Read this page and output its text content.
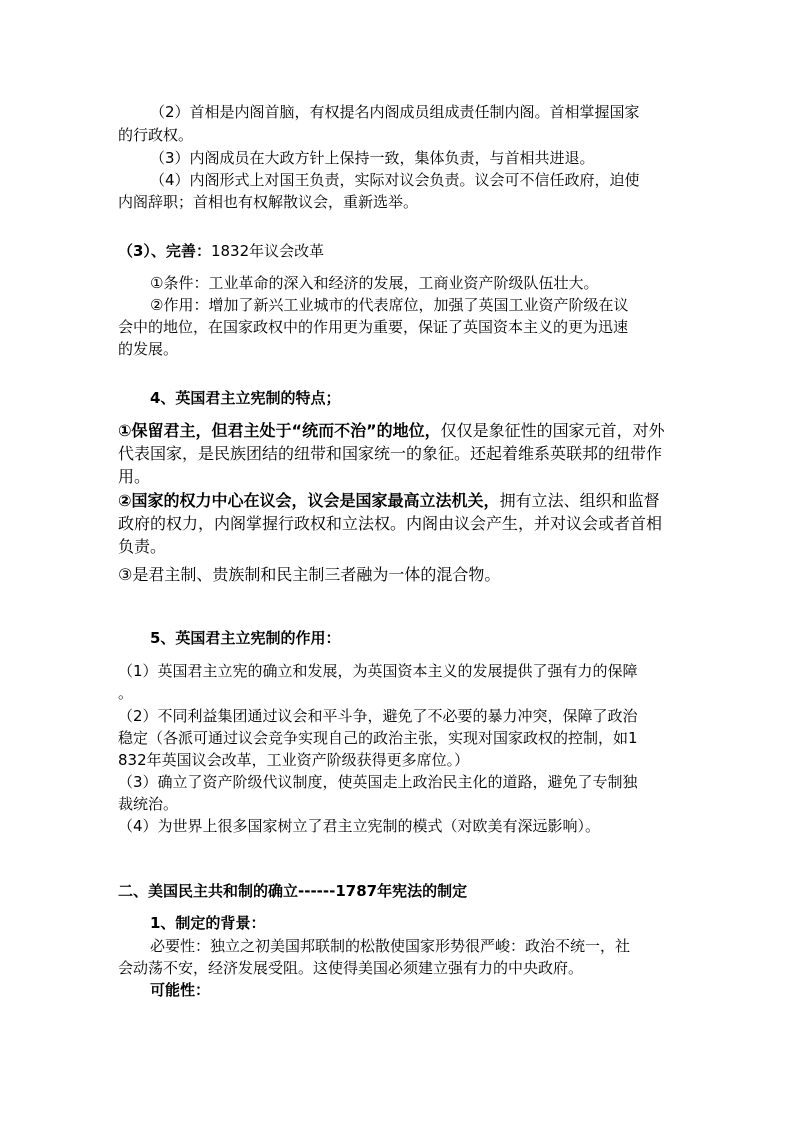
（2）首相是内阁首脑，有权提名内阁成员组成责任制内阁。首相掌握国家
的行政权。
（3）内阁成员在大政方针上保持一致，集体负责，与首相共进退。
（4）内阁形式上对国王负责，实际对议会负责。议会可不信任政府，迫使
内阁辞职；首相也有权解散议会，重新选举。
（3）、完善：1832年议会改革
①条件：工业革命的深入和经济的发展，工商业资产阶级队伍壮大。
②作用：增加了新兴工业城市的代表席位，加强了英国工业资产阶级在议
会中的地位，在国家政权中的作用更为重要，保证了英国资本主义的更为迅速
的发展。
4、英国君主立宪制的特点；
①保留君主，但君主处于“统而不治”的地位，仅仅是象征性的国家元首，对外
代表国家，是民族团结的纽带和国家统一的象征。还起着维系英联邦的纽带作
用。
②国家的权力中心在议会，议会是国家最高立法机关，拥有立法、组织和监督
政府的权力，内阁掌握行政权和立法权。内阁由议会产生，并对议会或者首相
负责。
③是君主制、贵族制和民主制三者融为一体的混合物。
5、英国君主立宪制的作用：
（1）英国君主立宪的确立和发展，为英国资本主义的发展提供了强有力的保障
。
（2）不同利益集团通过议会和平斗争，避免了不必要的暴力冲突，保障了政治
稳定（各派可通过议会竞争实现自己的政治主张，实现对国家政权的控制，如1
832年英国议会改革，工业资产阶级获得更多席位。）
（3）确立了资产阶级代议制度，使英国走上政治民主化的道路，避免了专制独
裁统治。
（4）为世界上很多国家树立了君主立宪制的模式（对欧美有深远影响）。
二、美国民主共和制的确立------1787年宪法的制定
1、制定的背景：
必要性：独立之初美国邦联制的松散使国家形势很严峻：政治不统一，社
会动荡不安，经济发展受阻。这使得美国必须建立强有力的中央政府。
可能性：
